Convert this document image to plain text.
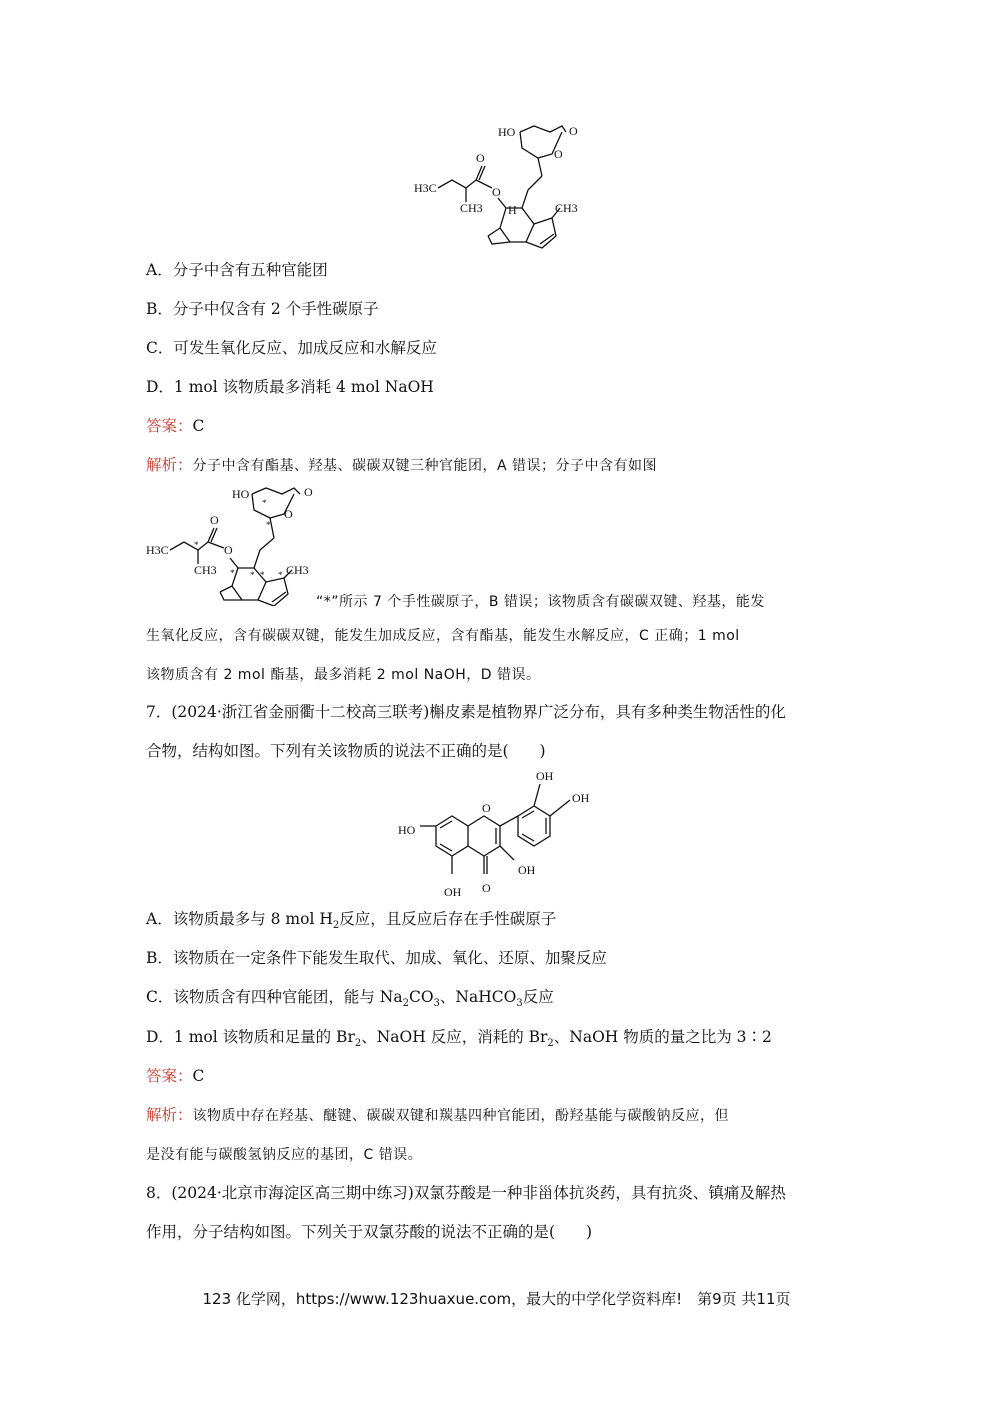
HO	O
O
H3C
O
O
H
CH3	CH3
A．分子中含有五种官能团
B．分子中仅含有 2 个手性碳原子
C．可发生氧化反应、加成反应和水解反应
D．1 mol 该物质最多消耗 4 mol NaOH
答案：C
解析：分子中含有酯基、羟基、碳碳双键三种官能团，A 错误；分子中含有如图
HO	O
O
H3C
O
O
CH3	CH3
*
*
*
* * * *
“*”所示 7 个手性碳原子，B 错误；该物质含有碳碳双键、羟基，能发
生氧化反应，含有碳碳双键，能发生加成反应，含有酯基，能发生水解反应，C 正确；1 mol
该物质含有 2 mol 酯基，最多消耗 2 mol NaOH，D 错误。
7．(2024·浙江省金丽衢十二校高三联考)槲皮素是植物界广泛分布，具有多种类生物活性的化
合物，结构如图。下列有关该物质的说法不正确的是(　　)
OH
OH
HO
O
OH
OH O
A．该物质最多与 8 mol $H_2$反应，且反应后存在手性碳原子
B．该物质在一定条件下能发生取代、加成、氧化、还原、加聚反应
C．该物质含有四种官能团，能与 $Na_2CO_3$、NaHCO$_3$反应
D．1 mol 该物质和足量的 $Br_2$、NaOH 反应，消耗的 $Br_2$、NaOH 物质的量之比为 3∶2
答案：C
解析：该物质中存在羟基、醚键、碳碳双键和羰基四种官能团，酚羟基能与碳酸钠反应，但
是没有能与碳酸氢钠反应的基团，C 错误。
8．(2024·北京市海淀区高三期中练习)双氯芬酸是一种非甾体抗炎药，具有抗炎、镇痛及解热
作用，分子结构如图。下列关于双氯芬酸的说法不正确的是(　　)
123 化学网，https://www.123huaxue.com，最大的中学化学资料库!　第9页 共11页
